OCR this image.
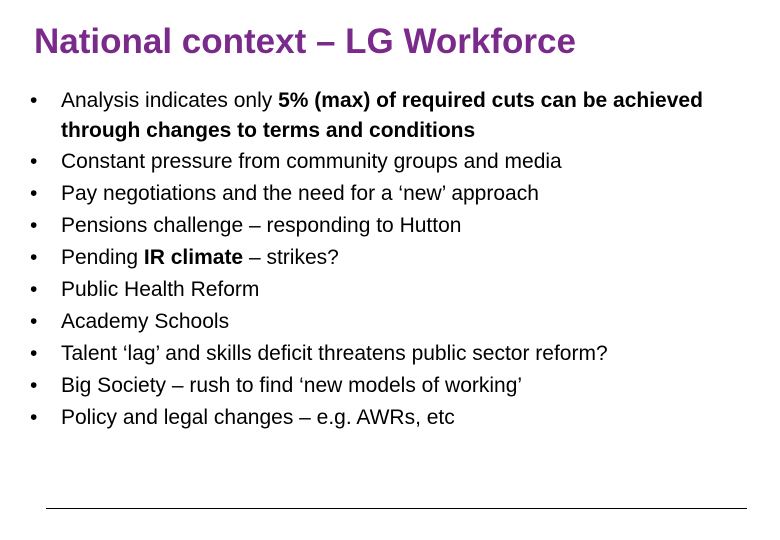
National context – LG Workforce
•	Analysis indicates only 5% (max) of required cuts can be achieved through changes to terms and conditions
•	Constant pressure from community groups and media
•	Pay negotiations and the need for a ‘new’ approach
•	Pensions challenge – responding to Hutton
•	Pending IR climate – strikes?
•	Public Health Reform
•	Academy Schools
•	Talent ‘lag’ and skills deficit threatens public sector reform?
•	Big Society – rush to find ‘new models of working’
•	Policy and legal changes – e.g. AWRs, etc
